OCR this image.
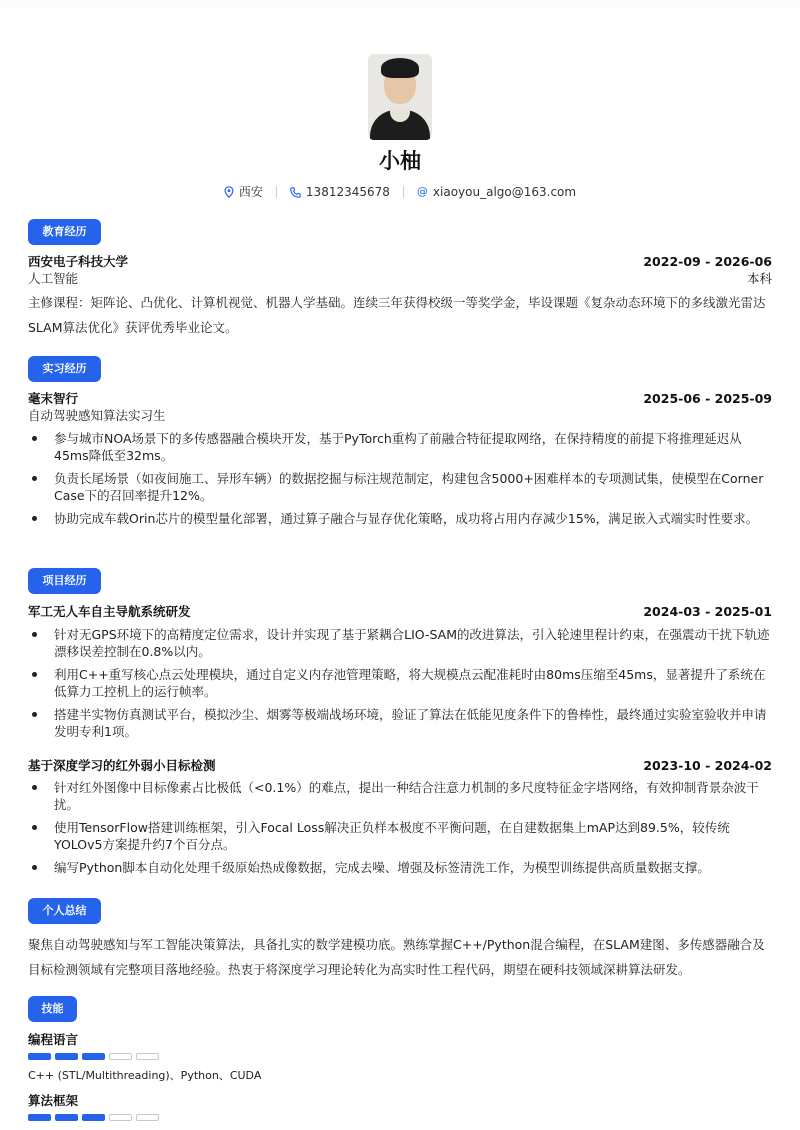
小柚
西安	13812345678 @ xiaoyou_algo@163.com
教育经历
西安电子科技大学	2022-09 - 2026-06
人工智能	本科
主修课程：矩阵论、凸优化、计算机视觉、机器人学基础。连续三年获得校级一等奖学金，毕设课题《复杂动态环境下的多线激光雷达SLAM算法优化》获评优秀毕业论文。
实习经历
毫末智行	2025-06 - 2025-09
自动驾驶感知算法实习生
参与城市NOA场景下的多传感器融合模块开发，基于PyTorch重构了前融合特征提取网络，在保持精度的前提下将推理延迟从45ms降低至32ms。
负责长尾场景（如夜间施工、异形车辆）的数据挖掘与标注规范制定，构建包含5000+困难样本的专项测试集，使模型在Corner Case下的召回率提升12%。
协助完成车载Orin芯片的模型量化部署，通过算子融合与显存优化策略，成功将占用内存减少15%，满足嵌入式端实时性要求。
项目经历
军工无人车自主导航系统研发	2024-03 - 2025-01
针对无GPS环境下的高精度定位需求，设计并实现了基于紧耦合LIO-SAM的改进算法，引入轮速里程计约束，在强震动干扰下轨迹漂移误差控制在0.8%以内。
利用C++重写核心点云处理模块，通过自定义内存池管理策略，将大规模点云配准耗时由80ms压缩至45ms，显著提升了系统在低算力工控机上的运行帧率。
搭建半实物仿真测试平台，模拟沙尘、烟雾等极端战场环境，验证了算法在低能见度条件下的鲁棒性，最终通过实验室验收并申请发明专利1项。
基于深度学习的红外弱小目标检测	2023-10 - 2024-02
针对红外图像中目标像素占比极低（<0.1%）的难点，提出一种结合注意力机制的多尺度特征金字塔网络，有效抑制背景杂波干扰。
使用TensorFlow搭建训练框架，引入Focal Loss解决正负样本极度不平衡问题，在自建数据集上mAP达到89.5%，较传统YOLOv5方案提升约7个百分点。
编写Python脚本自动化处理千级原始热成像数据，完成去噪、增强及标签清洗工作，为模型训练提供高质量数据支撑。
个人总结
聚焦自动驾驶感知与军工智能决策算法，具备扎实的数学建模功底。熟练掌握C++/Python混合编程，在SLAM建图、多传感器融合及目标检测领域有完整项目落地经验。热衷于将深度学习理论转化为高实时性工程代码，期望在硬科技领域深耕算法研发。
技能
编程语言
C++ (STL/Multithreading)、Python、CUDA
算法框架
